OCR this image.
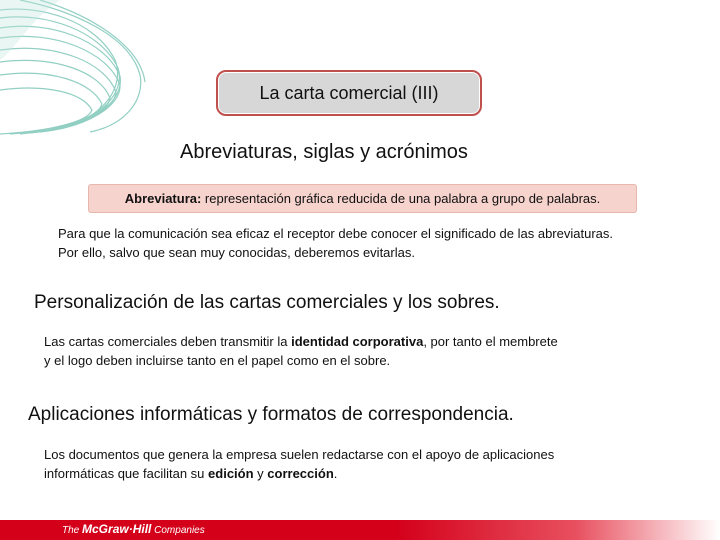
La carta comercial (III)
Abreviaturas, siglas y acrónimos
Abreviatura: representación gráfica reducida de una palabra a grupo de palabras.
Para que la comunicación sea eficaz el receptor debe conocer el significado de las abreviaturas.
Por ello, salvo que sean muy conocidas, deberemos evitarlas.
Personalización de las cartas comerciales y los sobres.
Las cartas comerciales deben transmitir la identidad corporativa, por tanto el membrete
y el logo deben incluirse tanto en el papel como en el sobre.
Aplicaciones informáticas y formatos de correspondencia.
Los documentos que genera la empresa suelen redactarse con el apoyo de aplicaciones
informáticas que facilitan su edición y corrección.
The McGraw·Hill Companies
